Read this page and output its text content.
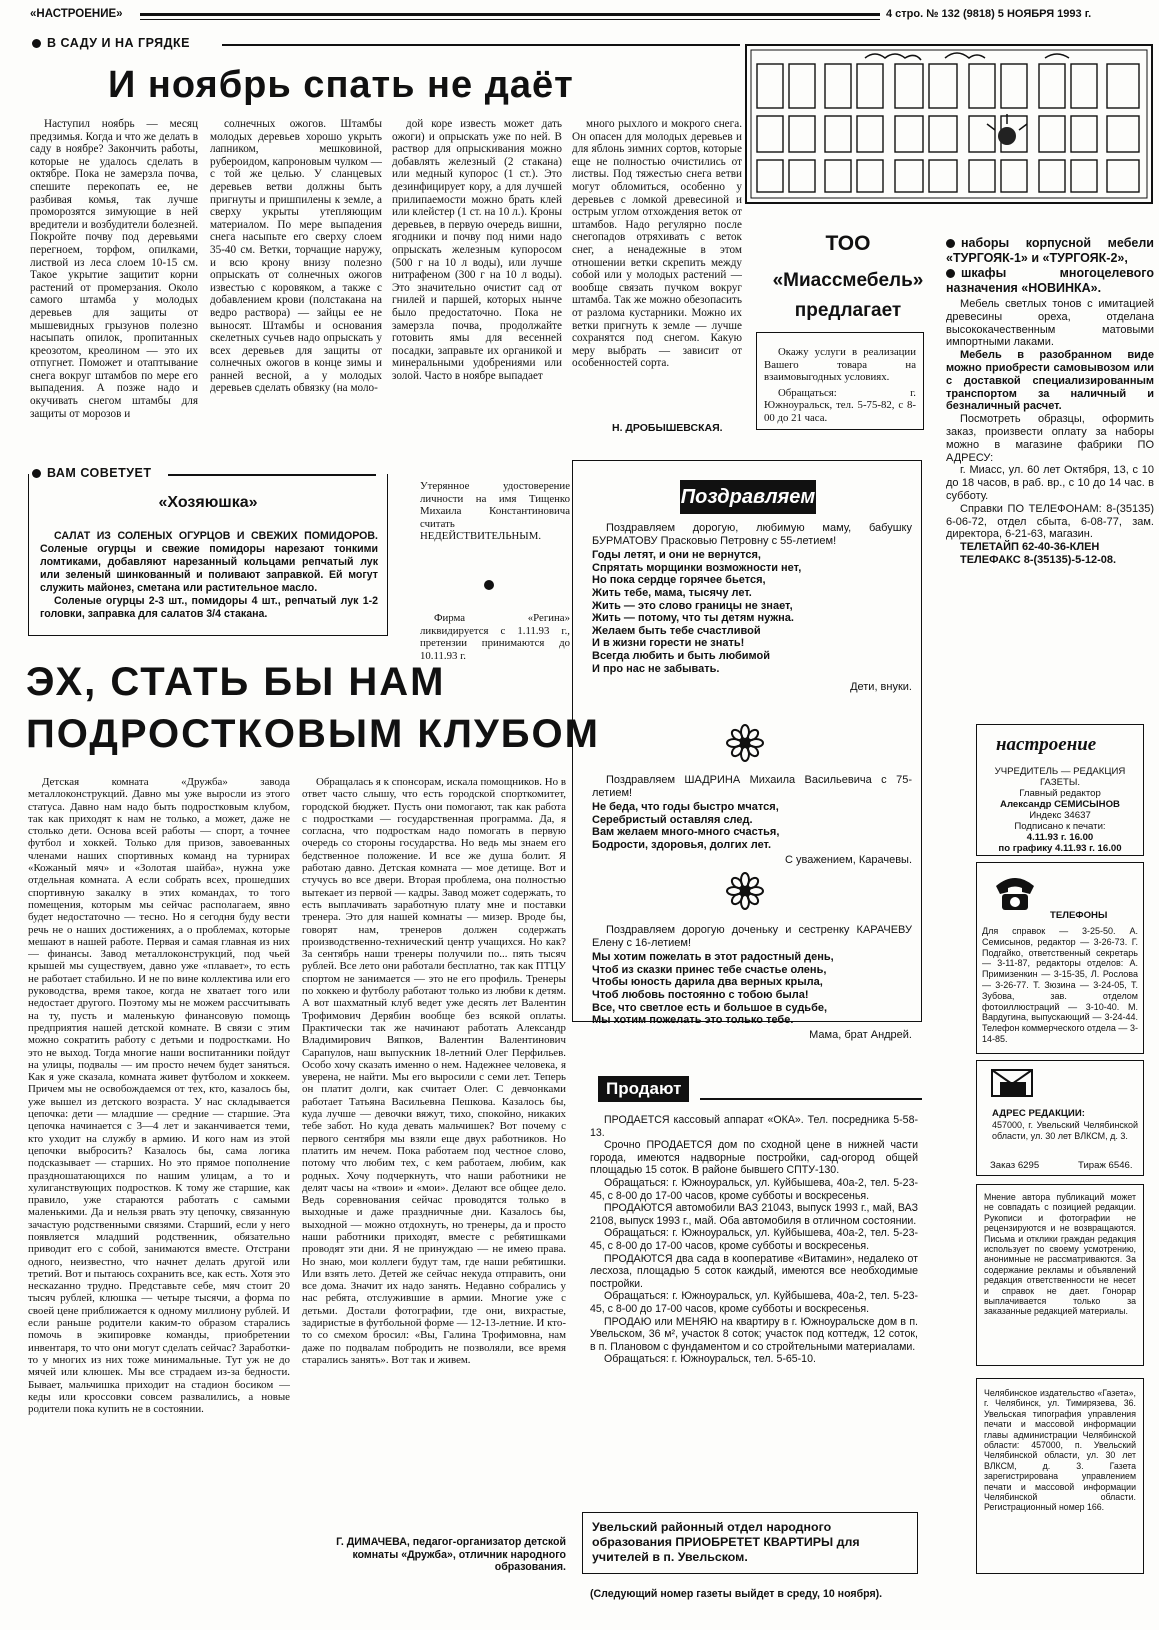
«НАСТРОЕНИЕ»	4 стро. № 132 (9818) 5 НОЯБРЯ 1993 г.
В САДУ И НА ГРЯДКЕ
И ноябрь спать не даёт

Наступил ноябрь — месяц предзимья. Когда и что же делать в саду в ноябре? Закончить работы, которые не удалось сделать в октябре. Пока не замерзла почва, спешите перекопать ее, не разбивая комья, так лучше проморозятся зимующие в ней вредители и возбудители болезней. Покройте почву под деревьями перегноем, торфом, опилками, листвой из леса слоем 10-15 см. Такое укрытие защитит корни растений от промерзания. Около самого штамба у молодых деревьев для защиты от мышевидных грызунов полезно насыпать опилок, пропитанных креозотом, креолином — это их отпугнет. Поможет и отаптывание снега вокруг штамбов по мере его выпадения. А позже надо и окучивать снегом штамбы для защиты от морозов и

солнечных ожогов. Штамбы молодых деревьев хорошо укрыть лапником, мешковиной, рубероидом, капроновым чулком — с той же целью. У сланцевых деревьев ветви должны быть пригнуты и пришпилены к земле, а сверху укрыты утепляющим материалом. По мере выпадения снега насыпьте его сверху слоем 35-40 см. Ветки, торчащие наружу, и всю крону внизу полезно опрыскать от солнечных ожогов известью с коровяком, а также с добавлением крови (полстакана на ведро раствора) — зайцы ее не выносят. Штамбы и основания скелетных сучьев надо опрыскать у всех деревьев для защиты от солнечных ожогов в конце зимы и ранней весной, а у молодых деревьев сделать обвязку (на моло-

дой коре известь может дать ожоги) и опрыскать уже по ней. В раствор для опрыскивания можно добавлять железный (2 стакана) или медный купорос (1 ст.). Это дезинфицирует кору, а для лучшей прилипаемости можно брать клей или клейстер (1 ст. на 10 л.). Кроны деревьев, в первую очередь вишни, ягодники и почву под ними надо опрыскать железным купоросом (500 г на 10 л воды), или лучше нитрафеном (300 г на 10 л воды). Это значительно очистит сад от гнилей и паршей, которых нынче было предостаточно. Пока не замерзла почва, продолжайте готовить ямы для весенней посадки, заправьте их органикой и минеральными удобрениями или золой. Часто в ноябре выпадает

много рыхлого и мокрого снега. Он опасен для молодых деревьев и для яблонь зимних сортов, которые еще не полностью очистились от листвы. Под тяжестью снега ветви могут обломиться, особенно у деревьев с ломкой древесиной и острым углом отхождения веток от штамбов. Надо регулярно после снегопадов отряхивать с веток снег, а ненадежные в этом отношении ветки скрепить между собой или у молодых растений — вообще связать пучком вокруг штамба. Так же можно обезопасить от разлома кустарники. Можно их ветки пригнуть к земле — лучше сохранятся под снегом. Какую меру выбрать — зависит от особенностей сорта.

Н. ДРОБЫШЕВСКАЯ.
ТОО
«Миассмебель»
предлагает

Окажу услуги в реализации Вашего товара на взаимовыгодных условиях.

Обращаться: г. Южноуральск, тел. 5-75-82, с 8-00 до 21 часа.

наборы корпусной мебели «ТУРГОЯК-1» и «ТУРГОЯК-2»,
шкафы многоцелевого назначения «НОВИНКА».

Мебель светлых тонов с имитацией древесины ореха, отделана высококачественным матовыми импортными лаками.

Мебель в разобранном виде можно приобрести самовывозом или с доставкой специализированным транспортом за наличный и безналичный расчет.

Посмотреть образцы, оформить заказ, произвести оплату за наборы можно в магазине фабрики ПО АДРЕСУ:

г. Миасс, ул. 60 лет Октября, 13, с 10 до 18 часов, в раб. вр., с 10 до 14 час. в субботу.

Справки ПО ТЕЛЕФОНАМ: 8-(35135) 6-06-72, отдел сбыта, 6-08-77, зам. директора, 6-21-63, магазин.

ТЕЛЕТАЙП 62-40-36-КЛЕН

ТЕЛЕФАКС 8-(35135)-5-12-08.

ВАМ СОВЕТУЕТ
«Хозяюшка»

САЛАТ ИЗ СОЛЕНЫХ ОГУРЦОВ И СВЕЖИХ ПОМИДОРОВ. Соленые огурцы и свежие помидоры нарезают тонкими ломтиками, добавляют нарезанный кольцами репчатый лук или зеленый шинкованный и поливают заправкой. Ей могут служить майонез, сметана или растительное масло.

Соленые огурцы 2-3 шт., помидоры 4 шт., репчатый лук 1-2 головки, заправка для салатов 3/4 стакана.

Утерянное удостоверение личности на имя Тищенко Михаила Константиновича считать НЕДЕЙСТВИТЕЛЬНЫМ.

Фирма «Регина» ликвидируется с 1.11.93 г., претензии принимаются до 10.11.93 г.

ЭХ, СТАТЬ БЫ НАМ
ПОДРОСТКОВЫМ КЛУБОМ

Детская комната «Дружба» завода металлоконструкций. Давно мы уже выросли из этого статуса. Давно нам надо быть подростковым клубом, так как приходят к нам не только, а может, даже не столько дети. Основа всей работы — спорт, а точнее футбол и хоккей. Только для призов, завоеванных членами наших спортивных команд на турнирах «Кожаный мяч» и «Золотая шайба», нужна уже отдельная комната. А если собрать всех, прошедших спортивную закалку в этих командах, то того помещения, которым мы сейчас располагаем, явно будет недостаточно — тесно. Но я сегодня буду вести речь не о наших достижениях, а о проблемах, которые мешают в нашей работе. Первая и самая главная из них — финансы. Завод металлоконструкций, под чьей крышей мы существуем, давно уже «плавает», то есть не работает стабильно. И не по вине коллектива или его руководства, время такое, когда не хватает того или недостает другого. Поэтому мы не можем рассчитывать на ту, пусть и маленькую финансовую помощь предприятия нашей детской комнате. В связи с этим можно сократить работу с детьми и подростками. Но это не выход. Тогда многие наши воспитанники пойдут на улицы, подвалы — им просто нечем будет заняться. Как я уже сказала, комната живет футболом и хоккеем. Причем мы не освобождаемся от тех, кто, казалось бы, уже вышел из детского возраста. У нас складывается цепочка: дети — младшие — средние — старшие. Эта цепочка начинается с 3—4 лет и заканчивается теми, кто уходит на службу в армию. И кого нам из этой цепочки выбросить? Казалось бы, сама логика подсказывает — старших. Но это прямое пополнение праздношатающихся по нашим улицам, а то и хулиганствующих подростков. К тому же старшие, как правило, уже стараются работать с самыми маленькими. Да и нельзя рвать эту цепочку, связанную зачастую родственными связями. Старший, если у него появляется младший родственник, обязательно приводит его с собой, занимаются вместе. Отстрани одного, неизвестно, что начнет делать другой или третий. Вот и пытаюсь сохранить все, как есть. Хотя это нескazанно трудно. Представьте себе, мяч стоит 20 тысяч рублей, клюшка — четыре тысячи, а форма по своей цене приближается к одному миллиону рублей. И если раньше родители каким-то образом старались помочь в экипировке команды, приобретении инвентаря, то что они могут сделать сейчас? Заработки-то у многих из них тоже минимальные. Тут уж не до мячей или клюшек. Мы все страдаем из-за бедности. Бывает, мальчишка приходит на стадион босиком — кеды или кроссовки совсем развалились, а новые родители пока купить не в состоянии.

Обращалась я к спонсорам, искала помощников. Но в ответ часто слышу, что есть городской спорткомитет, городской бюджет. Пусть они помогают, так как работа с подростками — государственная программа. Да, я согласна, что подросткам надо помогать в первую очередь со стороны государства. Но ведь мы знаем его бедственное положение. И все же душа болит. Я работаю давно. Детская комната — мое детище. Вот и стучусь во все двери. Вторая проблема, она полностью вытекает из первой — кадры. Завод может содержать, то есть выплачивать заработную плату мне и поставки тренера. Это для нашей комнаты — мизер. Вроде бы, говорят нам, тренеров должен содержать производственно-технический центр учащихся. Но как? За сентябрь наши тренеры получили по... пять тысяч рублей. Все лето они работали бесплатно, так как ПТЦУ спортом не занимается — это не его профиль. Тренеры по хоккею и футболу работают только из любви к детям. А вот шахматный клуб ведет уже десять лет Валентин Трофимович Дерябин вообще без всякой оплаты. Практически так же начинают работать Александр Владимирович Вяпков, Валентин Валентинович Сарапулов, наш выпускник 18-летний Олег Перфильев. Особо хочу сказать именно о нем. Надежнее человека, я уверена, не найти. Мы его выросили с семи лет. Теперь он платит долги, как считает Олег. С девчонками работает Татьяна Васильевна Пешкова. Казалось бы, куда лучше — девочки вяжут, тихо, спокойно, никаких тебе забот. Но куда девать мальчишек? Вот почему с первого сентября мы взяли еще двух работников. Но платить им нечем. Пока работаем под честное слово, потому что любим тех, с кем работаем, любим, как родных. Хочу подчеркнуть, что наши работники не делят часы на «твои» и «мои». Делают все общее дело. Ведь соревнования сейчас проводятся только в выходные и даже праздничные дни. Казалось бы, выходной — можно отдохнуть, но тренеры, да и просто наши работники приходят, вместе с ребятишками проводят эти дни. Я не принуждаю — не имею права. Но знаю, мои коллеги будут там, где наши ребятишки. Или взять лето. Детей же сейчас некуда отправить, они все дома. Значит их надо занять. Недавно собрались у нас ребята, отслужившие в армии. Многие уже с детьми. Достали фотографии, где они, вихрастые, задиристые в футбольной форме — 12-13-летние. И кто-то со смехом бросил: «Вы, Галина Трофимовна, нам даже по подвалам побродить не позволяли, все время старались занять». Вот так и живем.

Г. ДИМАЧЕВА, педагог-организатор детской комнаты «Дружба», отличник народного образования.
Поздравляем

Поздравляем дорогую, любимую маму, бабушку БУРМАТОВУ Прасковью Петровну с 55-летием!

Годы летят, и они не вернутся,
Спрятать морщинки возможности нет,
Но пока сердце горячее бьется,
Жить тебе, мама, тысячу лет.
Жить — это слово границы не знает,
Жить — потому, что ты детям нужна.
Желаем быть тебе счастливой
И в жизни горести не знать!
Всегда любить и быть любимой
И про нас не забывать.
Дети, внуки.

Поздравляем ШАДРИНА Михаила Васильевича с 75-летием!

Не беда, что годы быстро мчатся,
Серебристый оставляя след.
Вам желаем много-много счастья,
Бодрости, здоровья, долгих лет.
С уважением, Карачевы.

Поздравляем дорогую доченьку и сестренку КАРАЧЕВУ Елену с 16-летием!

Мы хотим пожелать в этот радостный день,
Чтоб из сказки принес тебе счастье олень,
Чтобы юность дарила два верных крыла,
Чтоб любовь постоянно с тобою была!
Все, что светлое есть и большое в судьбе,
Мы хотим пожелать это только тебе.
Мама, брат Андрей.
Продают

ПРОДАЕТСЯ кассовый аппарат «ОКА». Тел. посредника 5-58-13.

Срочно ПРОДАЕТСЯ дом по сходной цене в нижней части города, имеются надворные постройки, сад-огород общей площадью 15 соток. В районе бывшего СПТУ-130.

Обращаться: г. Южноуральск, ул. Куйбышева, 40а-2, тел. 5-23-45, с 8-00 до 17-00 часов, кроме субботы и воскресенья.

ПРОДАЮТСЯ автомобили ВАЗ 21043, выпуск 1993 г., май, ВАЗ 2108, выпуск 1993 г., май. Оба автомобиля в отличном состоянии.

Обращаться: г. Южноуральск, ул. Куйбышева, 40а-2, тел. 5-23-45, с 8-00 до 17-00 часов, кроме субботы и воскресенья.

ПРОДАЮТСЯ два сада в кооперативе «Витамин», недалеко от лесхоза, площадью 5 соток каждый, имеются все необходимые постройки.

Обращаться: г. Южноуральск, ул. Куйбышева, 40а-2, тел. 5-23-45, с 8-00 до 17-00 часов, кроме субботы и воскресенья.

ПРОДАЮ или МЕНЯЮ на квартиру в г. Южноуральске дом в п. Увельском, 36 м², участок 8 соток; участок под коттедж, 12 соток, в п. Плановом с фундаментом и со стройтельными материалами.

Обращаться: г. Южноуральск, тел. 5-65-10.

Увельский районный отдел народного образования ПРИОБРЕТЕТ КВАРТИРЫ для учителей в п. Увельском.
(Следующий номер газеты выйдет в среду, 10 ноября).
настроение
УЧРЕДИТЕЛЬ — РЕДАКЦИЯ ГАЗЕТЫ.
Главный редактор
Александр СЕМИСЫНОВ
Индекс 34637
Подписано к печати:
4.11.93 г. 16.00
по графику 4.11.93 г. 16.00
ТЕЛЕФОНЫ
Для справок — 3-25-50. А. Семисынов, редактор — 3-26-73. Г. Подгайко, ответственный секретарь — 3-11-87, редакторы отделов: А. Примизенкин — 3-15-35, Л. Рослова — 3-26-77. Т. Зюзина — 3-24-05, Т. Зубова, зав. отделом фотоиллюстраций — 3-10-40. М. Вардугина, выпускающий — 3-24-44. Телефон коммерческого отдела — 3-14-85.
АДРЕС РЕДАКЦИИ:
457000, г. Увельский Челябинской области, ул. 30 лет ВЛКСМ, д. 3.
Заказ 6295	Тираж 6546.
Мнение автора публикаций может не совпадать с позицией редакции. Рукописи и фотографии не рецензируются и не возвращаются. Письма и отклики граждан редакция использует по своему усмотрению, анонимные не рассматриваются. За содержание рекламы и объявлений редакция ответственности не несет и справок не дает. Гонорар выплачивается только за заказанные редакцией материалы.
Челябинское издательство «Газета», г. Челябинск, ул. Тимирязева, 36. Увельская типография управления печати и массовой информации главы администрации Челябинской области: 457000, п. Увельский Челябинской области, ул. 30 лет ВЛКСМ, д. 3. Газета зарегистрирована управлением печати и массовой информации Челябинской области. Регистрационный номер 166.
